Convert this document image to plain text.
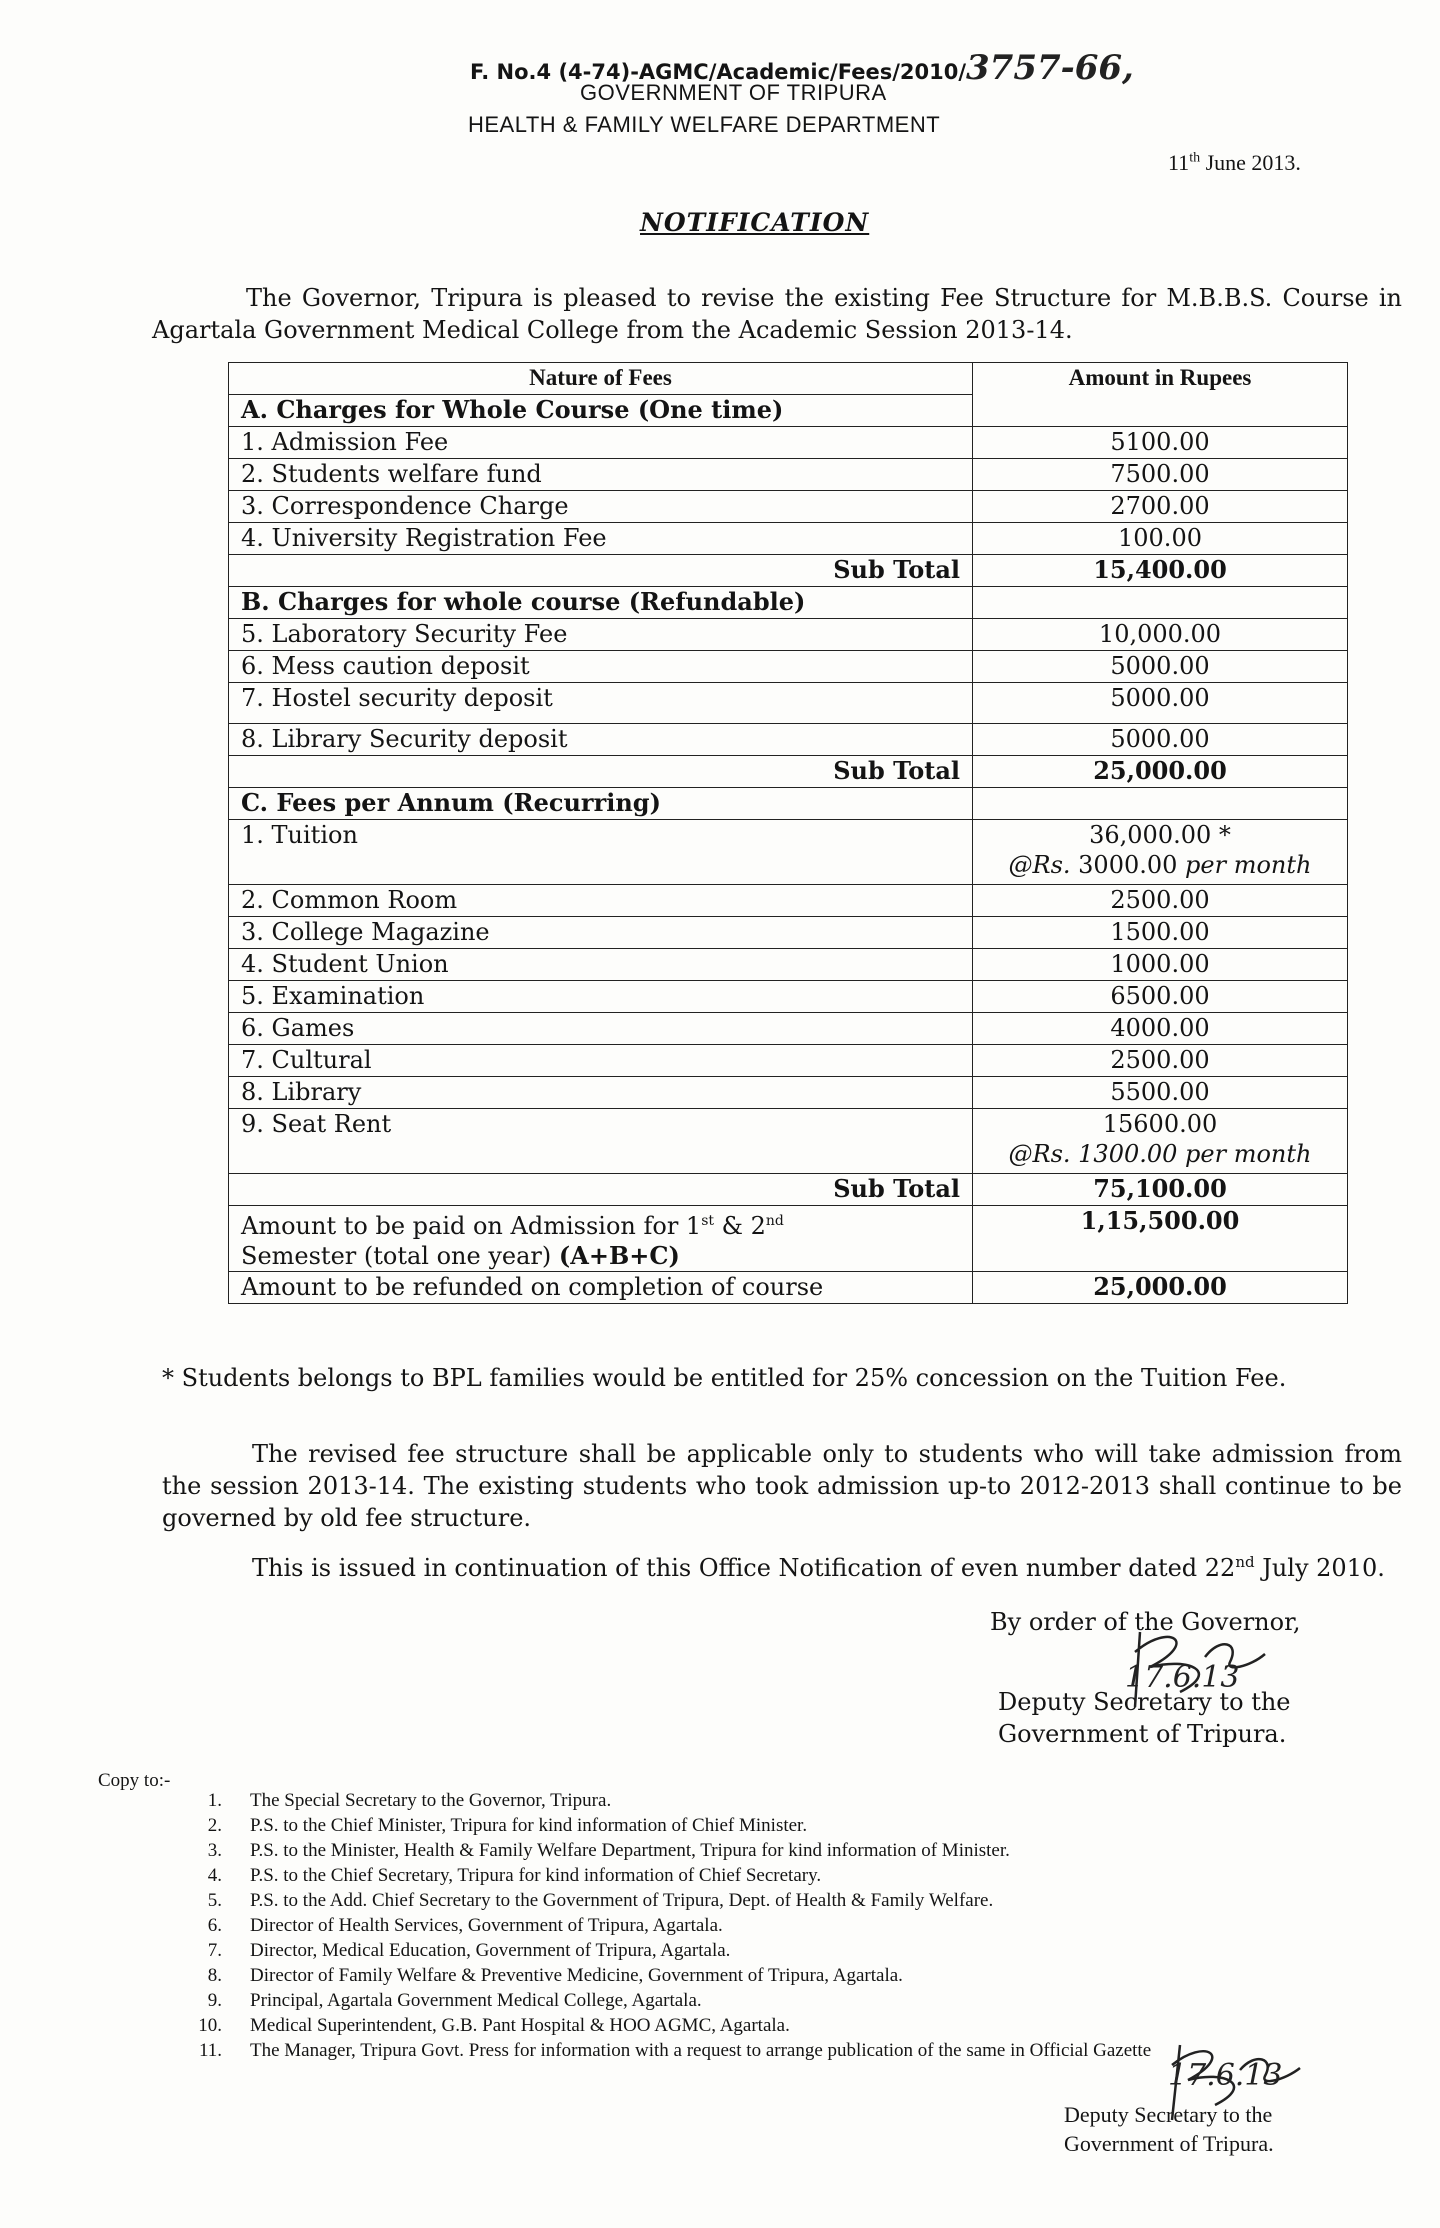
F. No.4 (4-74)-AGMC/Academic/Fees/2010/3757-66,
GOVERNMENT OF TRIPURA
HEALTH & FAMILY WELFARE DEPARTMENT
11th June 2013.
NOTIFICATION
The Governor, Tripura is pleased to revise the existing Fee Structure for M.B.B.S. Course in Agartala Government Medical College from the Academic Session 2013-14.
Nature of Fees	Amount in Rupees
A. Charges for Whole Course (One time)	
1. Admission Fee	5100.00
2. Students welfare fund	7500.00
3. Correspondence Charge	2700.00
4. University Registration Fee	100.00
Sub Total	15,400.00
B. Charges for whole course (Refundable)	
5. Laboratory Security Fee	10,000.00
6. Mess caution deposit	5000.00
7. Hostel security deposit	5000.00
8. Library Security deposit	5000.00
Sub Total	25,000.00
C. Fees per Annum (Recurring)	
1. Tuition	36,000.00 *
@Rs. 3000.00 per month

2. Common Room	2500.00
3. College Magazine	1500.00
4. Student Union	1000.00
5. Examination	6500.00
6. Games	4000.00
7. Cultural	2500.00
8. Library	5500.00
9. Seat Rent	15600.00
@Rs. 1300.00 per month

Sub Total	75,100.00
Amount to be paid on Admission for 1st & 2nd
Semester (total one year) (A+B+C)	1,15,500.00
Amount to be refunded on completion of course	25,000.00
* Students belongs to BPL families would be entitled for 25% concession on the Tuition Fee.
The revised fee structure shall be applicable only to students who will take admission from the session 2013-14. The existing students who took admission up-to 2012-2013 shall continue to be governed by old fee structure.
This is issued in continuation of this Office Notification of even number dated 22nd July 2010.
By order of the Governor,
Deputy Secretary to the
Government of Tripura.
17.6.13
Copy to:-
1. The Special Secretary to the Governor, Tripura.
2. P.S. to the Chief Minister, Tripura for kind information of Chief Minister.
3. P.S. to the Minister, Health & Family Welfare Department, Tripura for kind information of Minister.
4. P.S. to the Chief Secretary, Tripura for kind information of Chief Secretary.
5. P.S. to the Add. Chief Secretary to the Government of Tripura, Dept. of Health & Family Welfare.
6. Director of Health Services, Government of Tripura, Agartala.
7. Director, Medical Education, Government of Tripura, Agartala.
8. Director of Family Welfare & Preventive Medicine, Government of Tripura, Agartala.
9. Principal, Agartala Government Medical College, Agartala.
10. Medical Superintendent, G.B. Pant Hospital & HOO AGMC, Agartala.
11. The Manager, Tripura Govt. Press for information with a request to arrange publication of the same in Official Gazette
Deputy Secretary to the
Government of Tripura.
17.6.13
